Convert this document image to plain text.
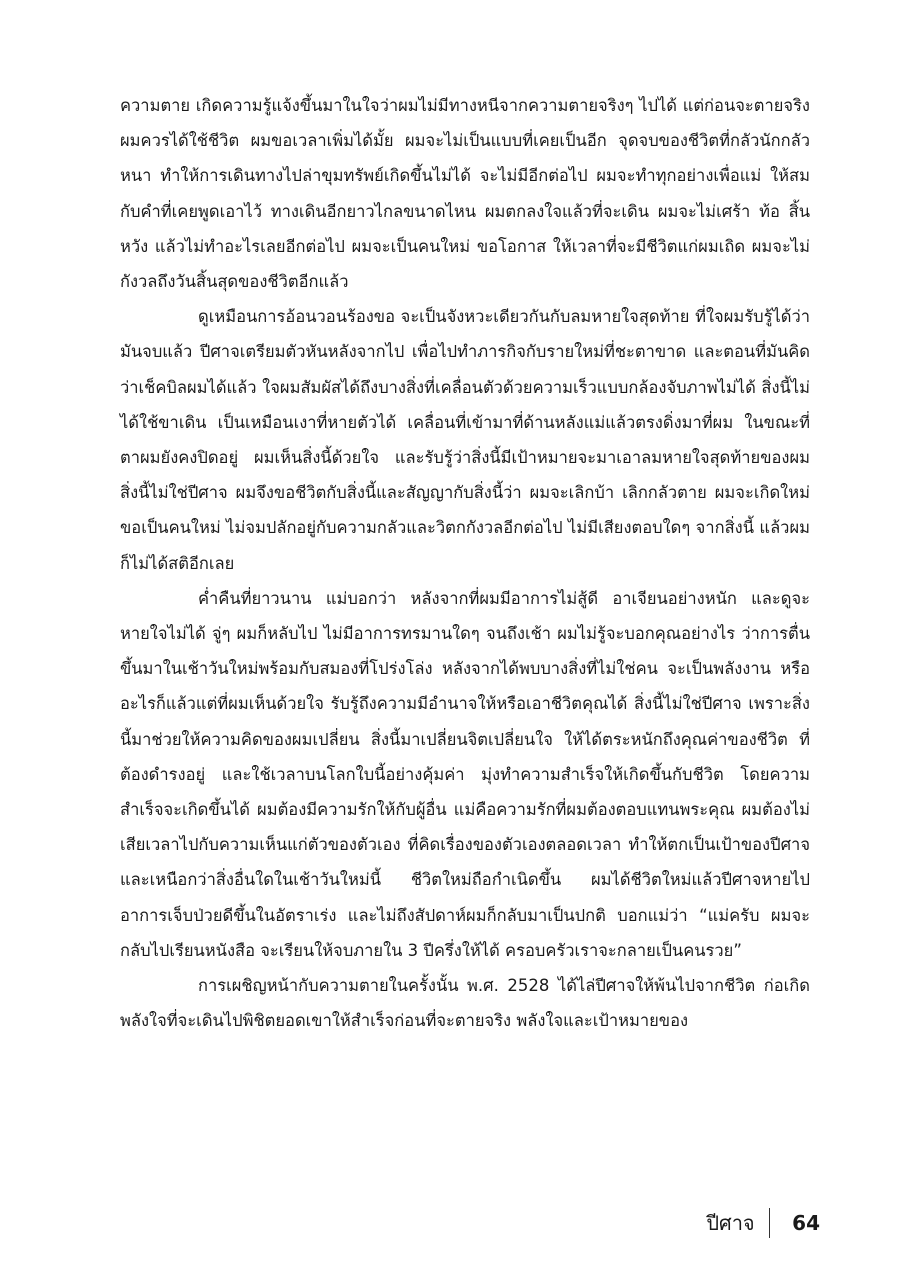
ความตาย เกิดความรู้แจ้งขึ้นมาในใจว่าผมไม่มีทางหนีจากความตายจริงๆ ไปได้ แต่ก่อนจะตายจริง ผมควรได้ใช้ชีวิต ผมขอเวลาเพิ่มได้มั้ย ผมจะไม่เป็นแบบที่เคยเป็นอีก จุดจบของชีวิตที่กลัวนักกลัวหนา ทำให้การเดินทางไปล่าขุมทรัพย์เกิดขึ้นไม่ได้ จะไม่มีอีกต่อไป ผมจะทำทุกอย่างเพื่อแม่ ให้สมกับคำที่เคยพูดเอาไว้ ทางเดินอีกยาวไกลขนาดไหน ผมตกลงใจแล้วที่จะเดิน ผมจะไม่เศร้า ท้อ สิ้นหวัง แล้วไม่ทำอะไรเลยอีกต่อไป ผมจะเป็นคนใหม่ ขอโอกาส ให้เวลาที่จะมีชีวิตแก่ผมเถิด ผมจะไม่กังวลถึงวันสิ้นสุดของชีวิตอีกแล้ว

ดูเหมือนการอ้อนวอนร้องขอ จะเป็นจังหวะเดียวกันกับลมหายใจสุดท้าย ที่ใจผมรับรู้ได้ว่ามันจบแล้ว ปีศาจเตรียมตัวหันหลังจากไป เพื่อไปทำภารกิจกับรายใหม่ที่ชะตาขาด และตอนที่มันคิดว่าเช็คบิลผมได้แล้ว ใจผมสัมผัสได้ถึงบางสิ่งที่เคลื่อนตัวด้วยความเร็วแบบกล้องจับภาพไม่ได้ สิ่งนี้ไม่ได้ใช้ขาเดิน เป็นเหมือนเงาที่หายตัวได้ เคลื่อนที่เข้ามาที่ด้านหลังแม่แล้วตรงดิ่งมาที่ผม ในขณะที่ตาผมยังคงปิดอยู่ ผมเห็นสิ่งนี้ด้วยใจ และรับรู้ว่าสิ่งนี้มีเป้าหมายจะมาเอาลมหายใจสุดท้ายของผม สิ่งนี้ไม่ใช่ปีศาจ ผมจึงขอชีวิตกับสิ่งนี้และสัญญากับสิ่งนี้ว่า ผมจะเลิกบ้า เลิกกลัวตาย ผมจะเกิดใหม่ ขอเป็นคนใหม่ ไม่จมปลักอยู่กับความกลัวและวิตกกังวลอีกต่อไป ไม่มีเสียงตอบใดๆ จากสิ่งนี้ แล้วผมก็ไม่ได้สติอีกเลย

ค่ำคืนที่ยาวนาน แม่บอกว่า หลังจากที่ผมมีอาการไม่สู้ดี อาเจียนอย่างหนัก และดูจะหายใจไม่ได้ จู่ๆ ผมก็หลับไป ไม่มีอาการทรมานใดๆ จนถึงเช้า ผมไม่รู้จะบอกคุณอย่างไร ว่าการตื่นขึ้นมาในเช้าวันใหม่พร้อมกับสมองที่โปร่งโล่ง หลังจากได้พบบางสิ่งที่ไม่ใช่คน จะเป็นพลังงาน หรืออะไรก็แล้วแต่ที่ผมเห็นด้วยใจ รับรู้ถึงความมีอำนาจให้หรือเอาชีวิตคุณได้ สิ่งนี้ไม่ใช่ปีศาจ เพราะสิ่งนี้มาช่วยให้ความคิดของผมเปลี่ยน สิ่งนี้มาเปลี่ยนจิตเปลี่ยนใจ ให้ได้ตระหนักถึงคุณค่าของชีวิต ที่ต้องดำรงอยู่ และใช้เวลาบนโลกใบนี้อย่างคุ้มค่า มุ่งทำความสำเร็จให้เกิดขึ้นกับชีวิต โดยความสำเร็จจะเกิดขึ้นได้ ผมต้องมีความรักให้กับผู้อื่น แม่คือความรักที่ผมต้องตอบแทนพระคุณ ผมต้องไม่เสียเวลาไปกับความเห็นแก่ตัวของตัวเอง ที่คิดเรื่องของตัวเองตลอดเวลา ทำให้ตกเป็นเป้าของปีศาจ และเหนือกว่าสิ่งอื่นใดในเช้าวันใหม่นี้ ชีวิตใหม่ถือกำเนิดขึ้น ผมได้ชีวิตใหม่แล้วปีศาจหายไป อาการเจ็บป่วยดีขึ้นในอัตราเร่ง และไม่ถึงสัปดาห์ผมก็กลับมาเป็นปกติ บอกแม่ว่า “แม่ครับ ผมจะกลับไปเรียนหนังสือ จะเรียนให้จบภายใน 3 ปีครึ่งให้ได้ ครอบครัวเราจะกลายเป็นคนรวย”

การเผชิญหน้ากับความตายในครั้งนั้น พ.ศ. 2528 ได้ไล่ปีศาจให้พ้นไปจากชีวิต ก่อเกิดพลังใจที่จะเดินไปพิชิตยอดเขาให้สำเร็จก่อนที่จะตายจริง พลังใจและเป้าหมายของ

ปีศาจ	64
